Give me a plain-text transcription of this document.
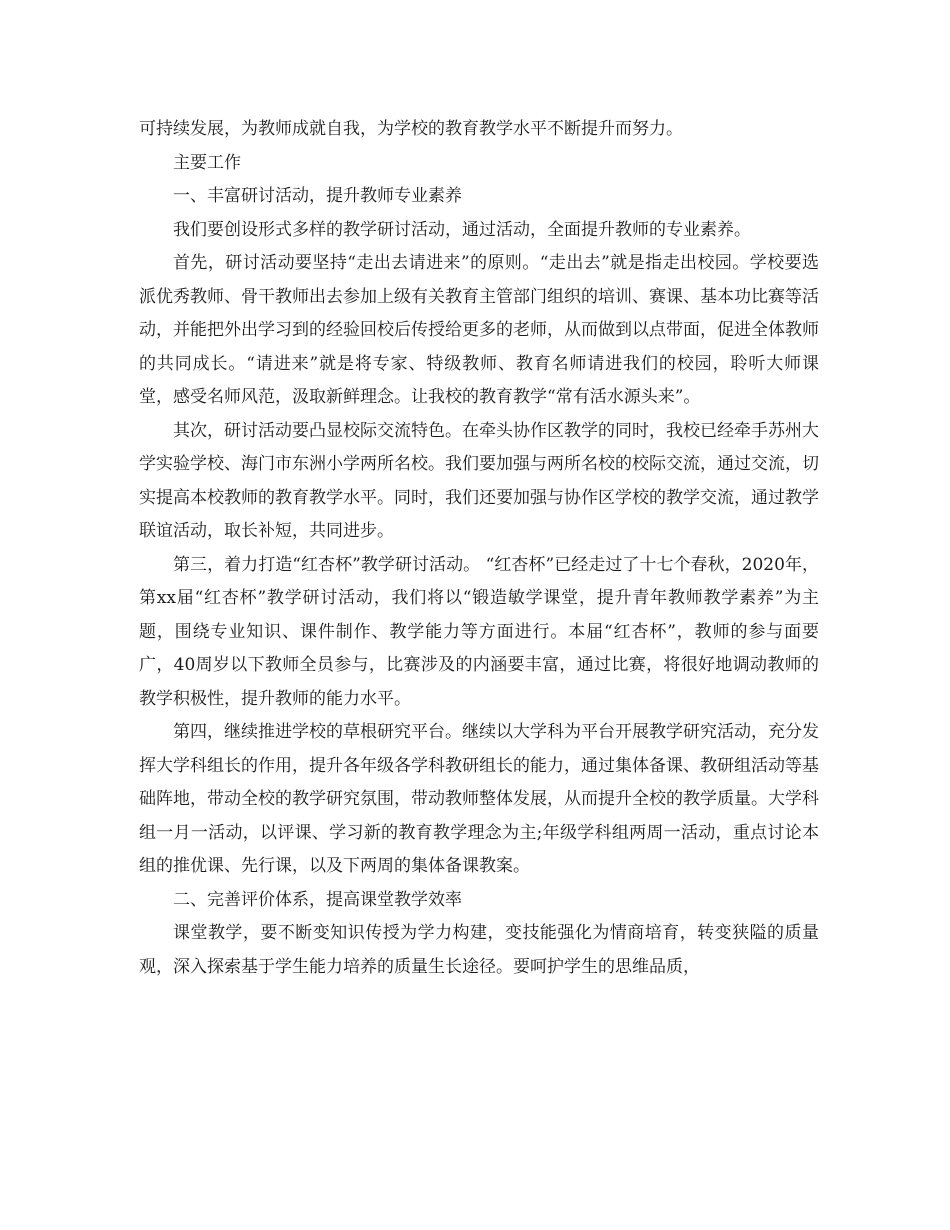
可持续发展，为教师成就自我，为学校的教育教学水平不断提升而努力。

主要工作

一、丰富研讨活动，提升教师专业素养

我们要创设形式多样的教学研讨活动，通过活动，全面提升教师的专业素养。

首先，研讨活动要坚持“走出去请进来”的原则。“走出去”就是指走出校园。学校要选派优秀教师、骨干教师出去参加上级有关教育主管部门组织的培训、赛课、基本功比赛等活动，并能把外出学习到的经验回校后传授给更多的老师，从而做到以点带面，促进全体教师的共同成长。“请进来”就是将专家、特级教师、教育名师请进我们的校园，聆听大师课堂，感受名师风范，汲取新鲜理念。让我校的教育教学“常有活水源头来”。

其次，研讨活动要凸显校际交流特色。在牵头协作区教学的同时，我校已经牵手苏州大学实验学校、海门市东洲小学两所名校。我们要加强与两所名校的校际交流，通过交流，切实提高本校教师的教育教学水平。同时，我们还要加强与协作区学校的教学交流，通过教学联谊活动，取长补短，共同进步。

第三，着力打造“红杏杯”教学研讨活动。 “红杏杯”已经走过了十七个春秋，2020年，第xx届“红杏杯”教学研讨活动，我们将以“锻造敏学课堂，提升青年教师教学素养”为主题，围绕专业知识、课件制作、教学能力等方面进行。本届“红杏杯”，教师的参与面要广，40周岁以下教师全员参与，比赛涉及的内涵要丰富，通过比赛，将很好地调动教师的教学积极性，提升教师的能力水平。

第四，继续推进学校的草根研究平台。继续以大学科为平台开展教学研究活动，充分发挥大学科组长的作用，提升各年级各学科教研组长的能力，通过集体备课、教研组活动等基础阵地，带动全校的教学研究氛围，带动教师整体发展，从而提升全校的教学质量。大学科组一月一活动，以评课、学习新的教育教学理念为主;年级学科组两周一活动，重点讨论本组的推优课、先行课，以及下两周的集体备课教案。

二、完善评价体系，提高课堂教学效率

课堂教学，要不断变知识传授为学力构建，变技能强化为情商培育，转变狭隘的质量观，深入探索基于学生能力培养的质量生长途径。要呵护学生的思维品质，
